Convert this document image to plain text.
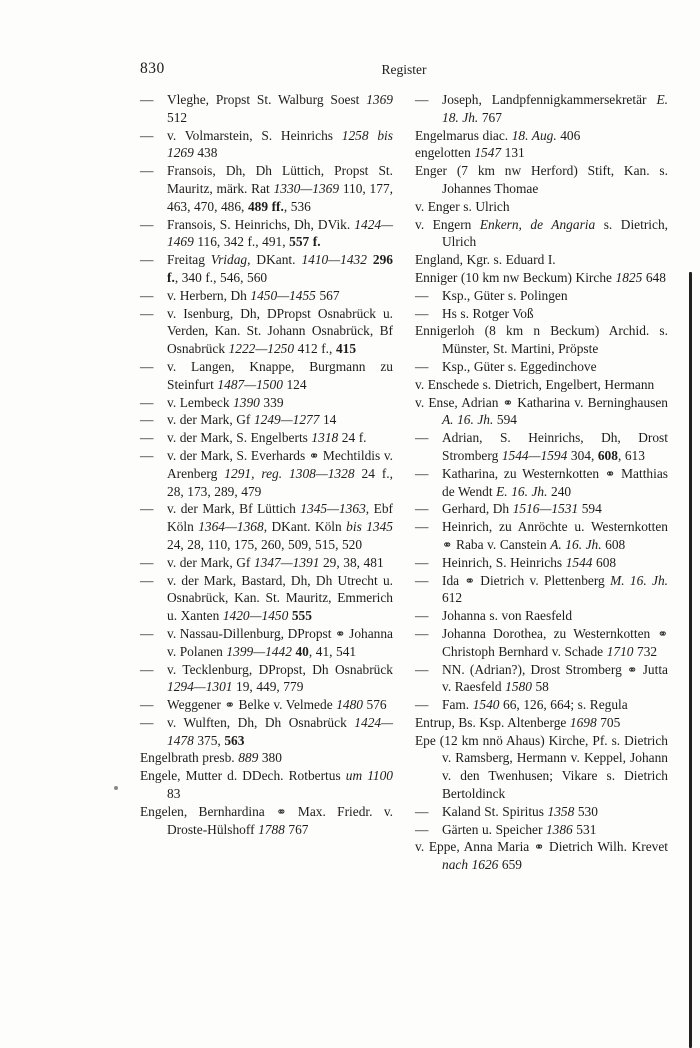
830	Register

— Vleghe, Propst St. Walburg Soest 1369 512

— v. Volmarstein, S. Heinrichs 1258 bis 1269 438

— Fransois, Dh, Dh Lüttich, Propst St. Mauritz, märk. Rat 1330—1369 110, 177, 463, 470, 486, 489 ff., 536

— Fransois, S. Heinrichs, Dh, DVik. 1424—1469 116, 342 f., 491, 557 f.

— Freitag Vridag, DKant. 1410—1432 296 f., 340 f., 546, 560

— v. Herbern, Dh 1450—1455 567

— v. Isenburg, Dh, DPropst Osnabrück u. Verden, Kan. St. Johann Osnabrück, Bf Osnabrück 1222—1250 412 f., 415

— v. Langen, Knappe, Burgmann zu Steinfurt 1487—1500 124

— v. Lembeck 1390 339

— v. der Mark, Gf 1249—1277 14

— v. der Mark, S. Engelberts 1318 24 f.

— v. der Mark, S. Everhards ⚭ Mechtildis v. Arenberg 1291, reg. 1308—1328 24 f., 28, 173, 289, 479

— v. der Mark, Bf Lüttich 1345—1363, Ebf Köln 1364—1368, DKant. Köln bis 1345 24, 28, 110, 175, 260, 509, 515, 520

— v. der Mark, Gf 1347—1391 29, 38, 481

— v. der Mark, Bastard, Dh, Dh Utrecht u. Osnabrück, Kan. St. Mauritz, Emmerich u. Xanten 1420—1450 555

— v. Nassau-Dillenburg, DPropst ⚭ Johanna v. Polanen 1399—1442 40, 41, 541

— v. Tecklenburg, DPropst, Dh Osnabrück 1294—1301 19, 449, 779

— Weggener ⚭ Belke v. Velmede 1480 576

— v. Wulften, Dh, Dh Osnabrück 1424—1478 375, 563

Engelbrath presb. 889 380

Engele, Mutter d. DDech. Rotbertus um 1100 83

Engelen, Bernhardina ⚭ Max. Friedr. v. Droste-Hülshoff 1788 767

— Joseph, Landpfennigkammersekretär E. 18. Jh. 767

Engelmarus diac. 18. Aug. 406

engelotten 1547 131

Enger (7 km nw Herford) Stift, Kan. s. Johannes Thomae

v. Enger s. Ulrich

v. Engern Enkern, de Angaria s. Dietrich, Ulrich

England, Kgr. s. Eduard I.

Enniger (10 km nw Beckum) Kirche 1825 648

— Ksp., Güter s. Polingen

— Hs s. Rotger Voß

Ennigerloh (8 km n Beckum) Archid. s. Münster, St. Martini, Pröpste

— Ksp., Güter s. Eggedinchove

v. Enschede s. Dietrich, Engelbert, Hermann

v. Ense, Adrian ⚭ Katharina v. Berninghausen A. 16. Jh. 594

— Adrian, S. Heinrichs, Dh, Drost Stromberg 1544—1594 304, 608, 613

— Katharina, zu Westernkotten ⚭ Matthias de Wendt E. 16. Jh. 240

— Gerhard, Dh 1516—1531 594

— Heinrich, zu Anröchte u. Westernkotten ⚭ Raba v. Canstein A. 16. Jh. 608

— Heinrich, S. Heinrichs 1544 608

— Ida ⚭ Dietrich v. Plettenberg M. 16. Jh. 612

— Johanna s. von Raesfeld

— Johanna Dorothea, zu Westernkotten ⚭ Christoph Bernhard v. Schade 1710 732

— NN. (Adrian?), Drost Stromberg ⚭ Jutta v. Raesfeld 1580 58

— Fam. 1540 66, 126, 664; s. Regula

Entrup, Bs. Ksp. Altenberge 1698 705

Epe (12 km nnö Ahaus) Kirche, Pf. s. Dietrich v. Ramsberg, Hermann v. Keppel, Johann v. den Twenhusen; Vikare s. Dietrich Bertoldinck

— Kaland St. Spiritus 1358 530

— Gärten u. Speicher 1386 531

v. Eppe, Anna Maria ⚭ Dietrich Wilh. Krevet nach 1626 659
